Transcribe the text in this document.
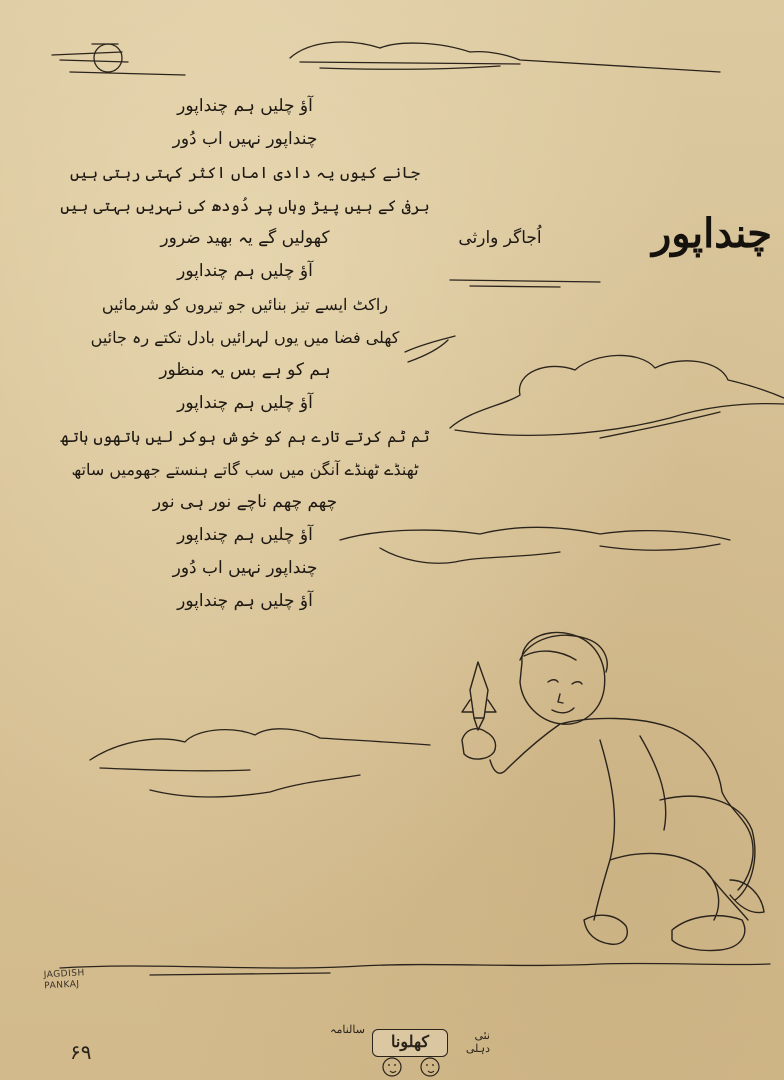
چنداپور
اُجاگر وارثی
آؤ چلیں ہم چنداپور
چنداپور نہیں اب دُور
جانے کیوں یہ دادی اماں اکثر کہتی رہتی ہیں
برفی کے ہیں پیڑ وہاں پر دُودھ کی نہریں بہتی ہیں
کھولیں گے یہ بھید ضرور
آؤ چلیں ہم چنداپور
راکٹ ایسے تیز بنائیں جو تیروں کو شرمائیں
کھلی فضا میں یوں لہرائیں بادل تکتے رہ جائیں
ہم کو ہے بس یہ منظور
آؤ چلیں ہم چنداپور
ٹم ٹم کرتے تارے ہم کو خوش ہوکر لیں ہاتھوں ہاتھ
ٹھنڈے ٹھنڈے آنگن میں سب گاتے ہنستے جھومیں ساتھ
چھم چھم ناچے نور ہی نور
آؤ چلیں ہم چنداپور
چنداپور نہیں اب دُور
آؤ چلیں ہم چنداپور
JAGDISH
PANKAJ
۶۹
سالنامہ
کھلونا	نئی دہلی
